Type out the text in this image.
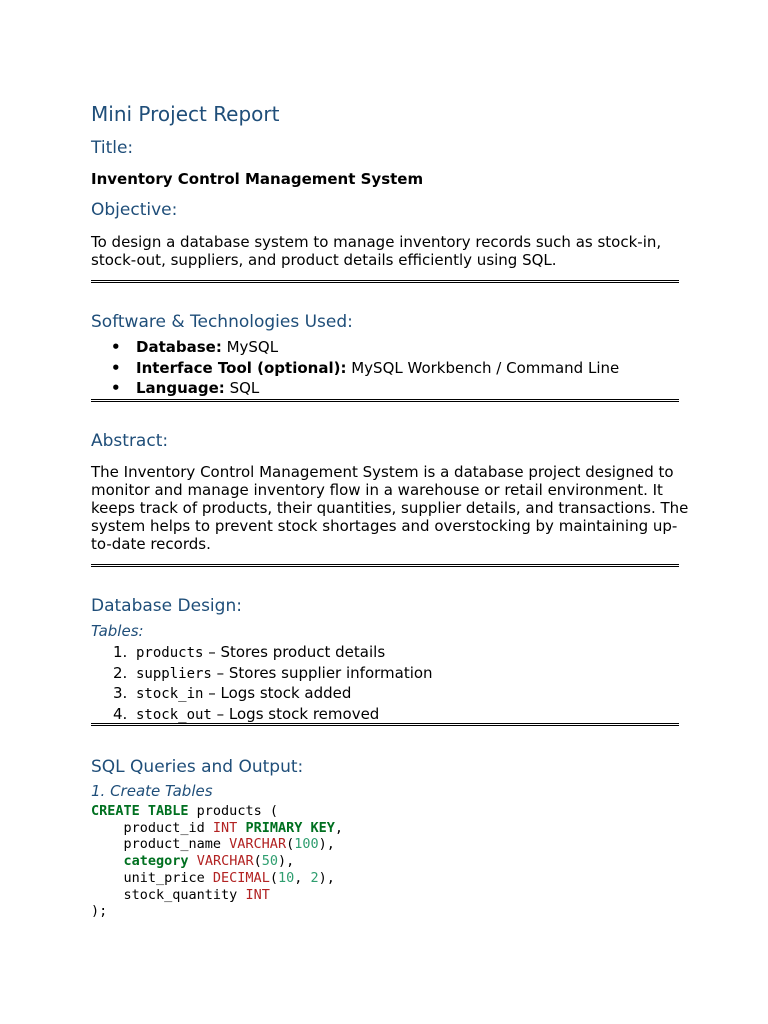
Mini Project Report
Title:
Inventory Control Management System
Objective:
To design a database system to manage inventory records such as stock-in, stock-out, suppliers, and product details efficiently using SQL.
Software & Technologies Used:
• Database: MySQL
• Interface Tool (optional): MySQL Workbench / Command Line
• Language: SQL
Abstract:
The Inventory Control Management System is a database project designed to monitor and manage inventory flow in a warehouse or retail environment. It keeps track of products, their quantities, supplier details, and transactions. The system helps to prevent stock shortages and overstocking by maintaining up-to-date records.
Database Design:
Tables:
1. products – Stores product details
2. suppliers – Stores supplier information
3. stock_in – Logs stock added
4. stock_out – Logs stock removed
SQL Queries and Output:
1. Create Tables
CREATE TABLE products (
product_id INT PRIMARY KEY,
product_name VARCHAR(100),
category VARCHAR(50),
unit_price DECIMAL(10, 2),
stock_quantity INT
);
